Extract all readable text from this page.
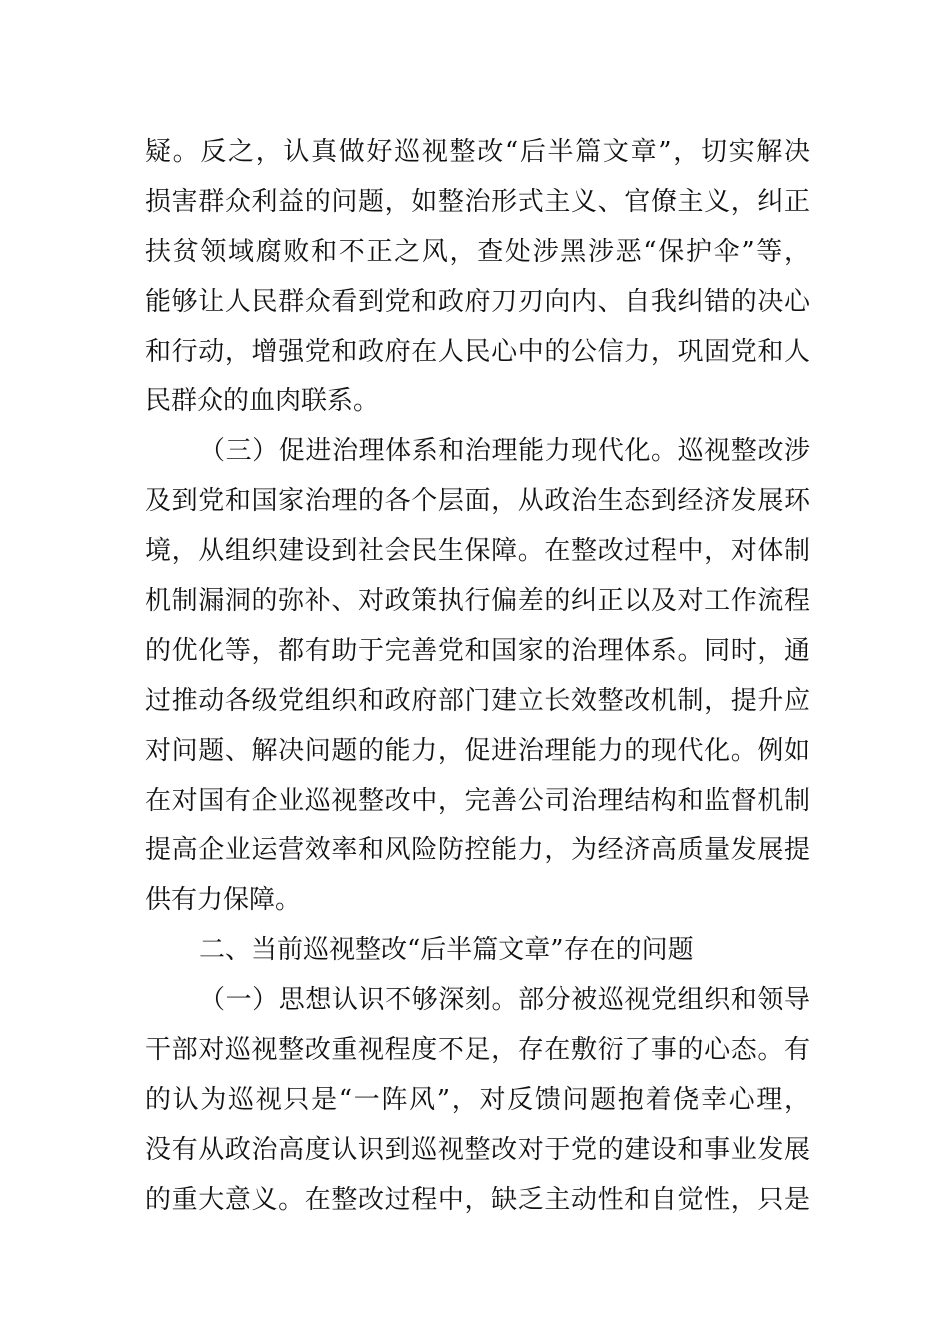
疑。反之，认真做好巡视整改“后半篇文章”，切实解决
损害群众利益的问题，如整治形式主义、官僚主义，纠正
扶贫领域腐败和不正之风，查处涉黑涉恶“保护伞”等，
能够让人民群众看到党和政府刀刃向内、自我纠错的决心
和行动，增强党和政府在人民心中的公信力，巩固党和人
民群众的血肉联系。
（三）促进治理体系和治理能力现代化。巡视整改涉
及到党和国家治理的各个层面，从政治生态到经济发展环
境，从组织建设到社会民生保障。在整改过程中，对体制
机制漏洞的弥补、对政策执行偏差的纠正以及对工作流程
的优化等，都有助于完善党和国家的治理体系。同时，通
过推动各级党组织和政府部门建立长效整改机制，提升应
对问题、解决问题的能力，促进治理能力的现代化。例如
在对国有企业巡视整改中，完善公司治理结构和监督机制
提高企业运营效率和风险防控能力，为经济高质量发展提
供有力保障。
二、当前巡视整改“后半篇文章”存在的问题
（一）思想认识不够深刻。部分被巡视党组织和领导
干部对巡视整改重视程度不足，存在敷衍了事的心态。有
的认为巡视只是“一阵风”，对反馈问题抱着侥幸心理，
没有从政治高度认识到巡视整改对于党的建设和事业发展
的重大意义。在整改过程中，缺乏主动性和自觉性，只是
